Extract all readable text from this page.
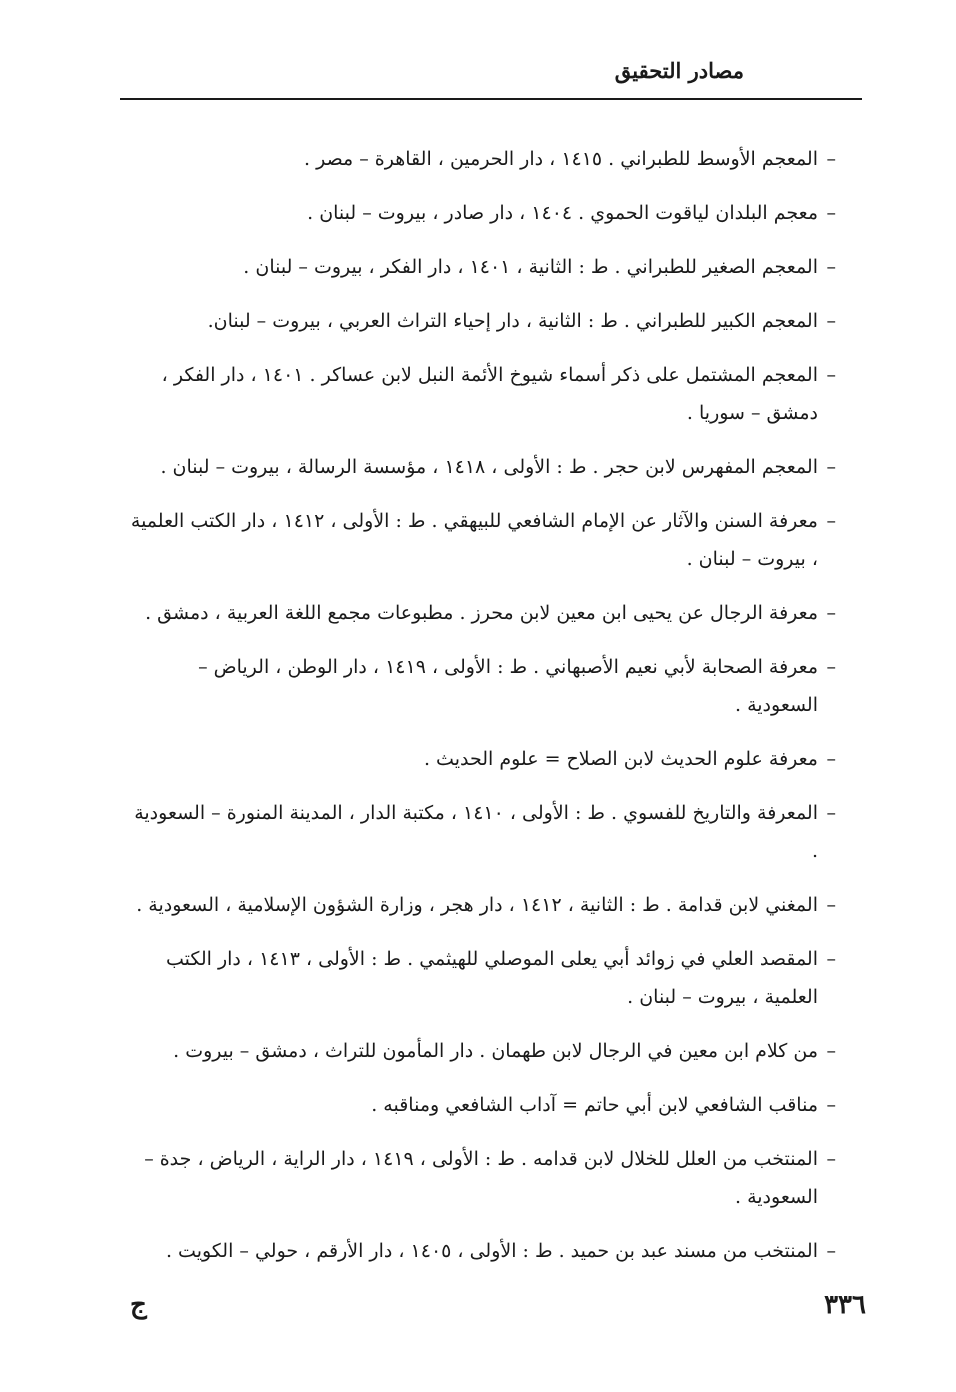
مصادر التحقيق
–
المعجم الأوسط للطبراني . ١٤١٥ ، دار الحرمين ، القاهرة – مصر .
–
معجم البلدان لياقوت الحموي . ١٤٠٤ ، دار صادر ، بيروت – لبنان .
–
المعجم الصغير للطبراني . ط : الثانية ، ١٤٠١ ، دار الفكر ، بيروت – لبنان .
–
المعجم الكبير للطبراني . ط : الثانية ، دار إحياء التراث العربي ، بيروت – لبنان.
–
المعجم المشتمل على ذكر أسماء شيوخ الأئمة النبل لابن عساكر . ١٤٠١ ، دار الفكر ، دمشق – سوريا .
–
المعجم المفهرس لابن حجر . ط : الأولى ، ١٤١٨ ، مؤسسة الرسالة ، بيروت – لبنان .
–
معرفة السنن والآثار عن الإمام الشافعي للبيهقي . ط : الأولى ، ١٤١٢ ، دار الكتب العلمية ، بيروت – لبنان .
–
معرفة الرجال عن يحيى ابن معين لابن محرز . مطبوعات مجمع اللغة العربية ، دمشق .
–
معرفة الصحابة لأبي نعيم الأصبهاني . ط : الأولى ، ١٤١٩ ، دار الوطن ، الرياض – السعودية .
–
معرفة علوم الحديث لابن الصلاح = علوم الحديث .
–
المعرفة والتاريخ للفسوي . ط : الأولى ، ١٤١٠ ، مكتبة الدار ، المدينة المنورة – السعودية .
–
المغني لابن قدامة . ط : الثانية ، ١٤١٢ ، دار هجر ، وزارة الشؤون الإسلامية ، السعودية .
–
المقصد العلي في زوائد أبي يعلى الموصلي للهيثمي . ط : الأولى ، ١٤١٣ ، دار الكتب العلمية ، بيروت – لبنان .
–
من كلام ابن معين في الرجال لابن طهمان . دار المأمون للتراث ، دمشق – بيروت .
–
مناقب الشافعي لابن أبي حاتم = آداب الشافعي ومناقبه .
–
المنتخب من العلل للخلال لابن قدامه . ط : الأولى ، ١٤١٩ ، دار الراية ، الرياض ، جدة – السعودية .
–
المنتخب من مسند عبد بن حميد . ط : الأولى ، ١٤٠٥ ، دار الأرقم ، حولي – الكويت .
٣٣٦
ج
